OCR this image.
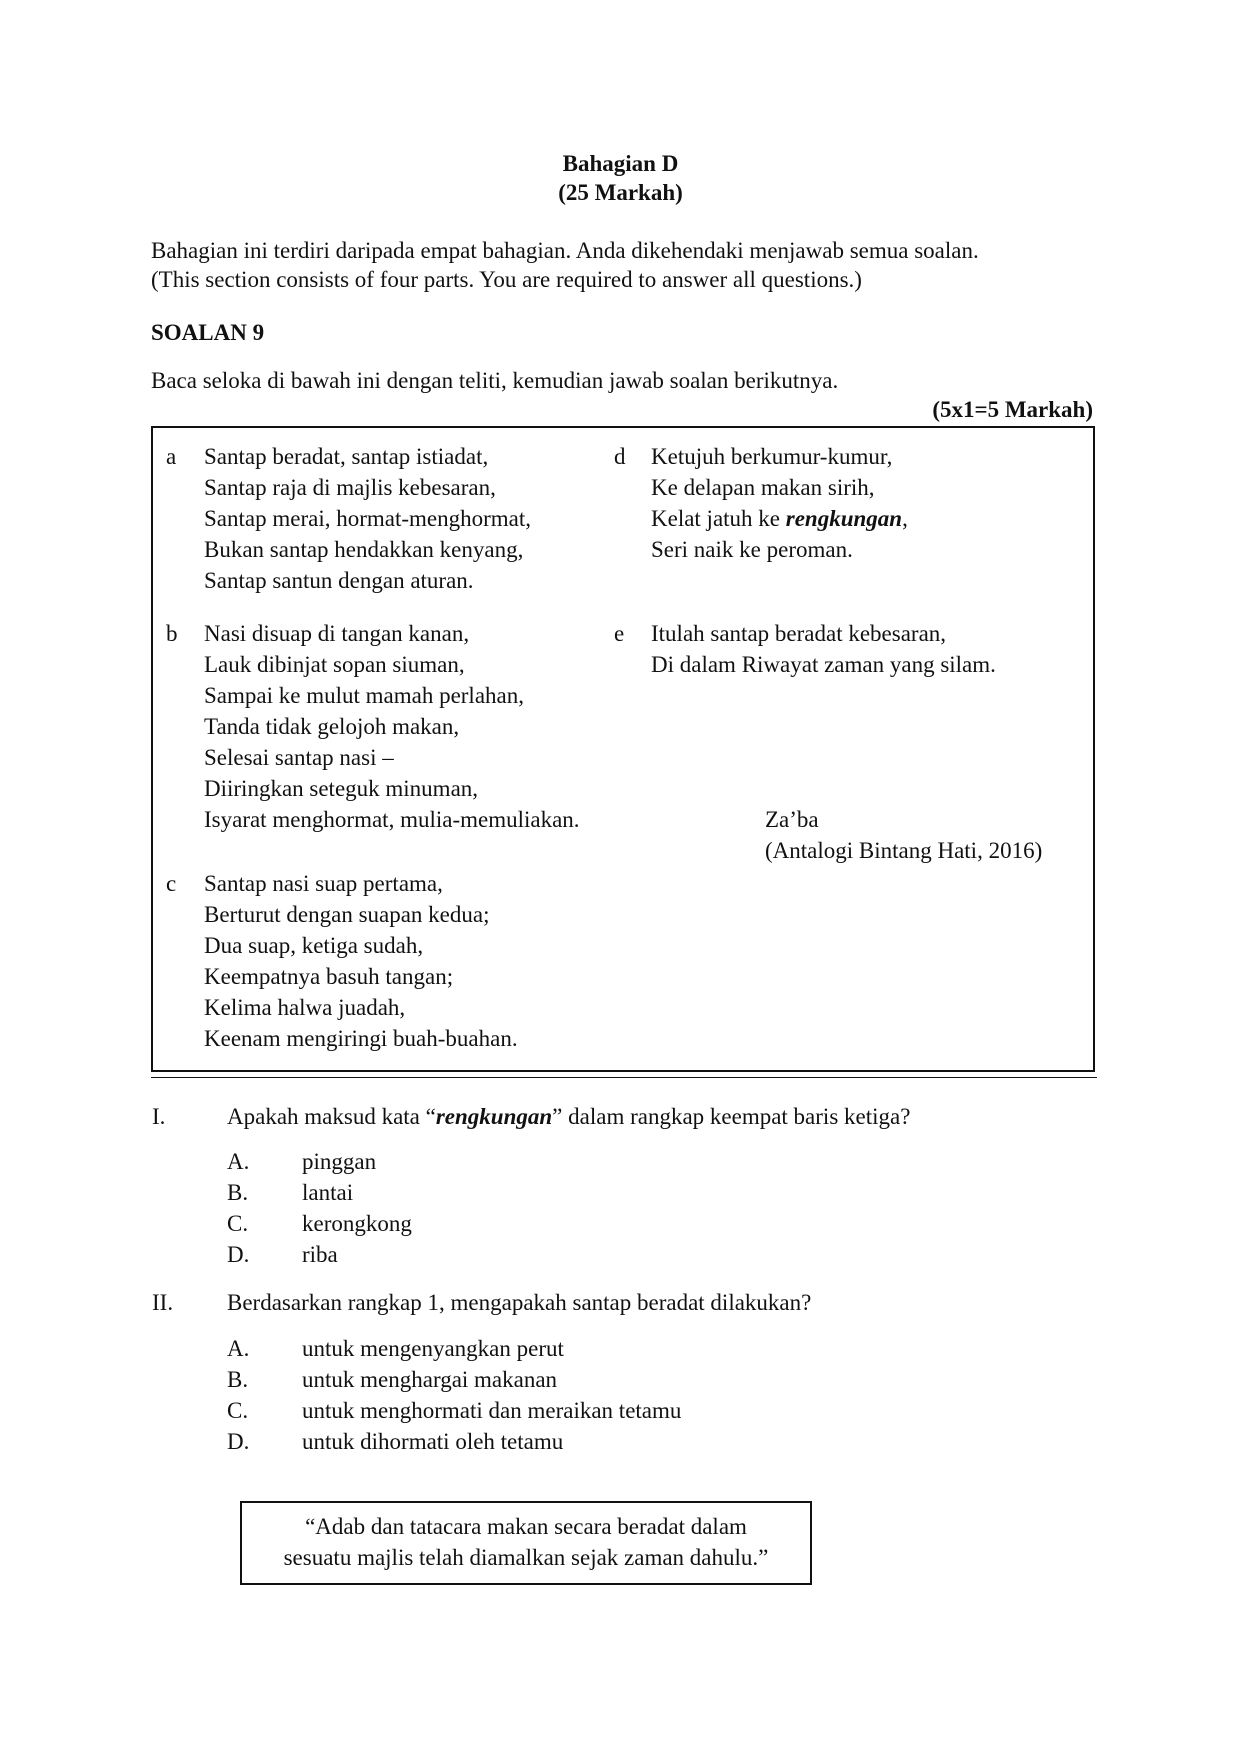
Bahagian D
(25 Markah)
Bahagian ini terdiri daripada empat bahagian. Anda dikehendaki menjawab semua soalan.
(This section consists of four parts. You are required to answer all questions.)
SOALAN 9
Baca seloka di bawah ini dengan teliti, kemudian jawab soalan berikutnya.
(5x1=5 Markah)
a Santap beradat, santap istiadat,
Santap raja di majlis kebesaran,
Santap merai, hormat-menghormat,
Bukan santap hendakkan kenyang,
Santap santun dengan aturan.
b Nasi disuap di tangan kanan,
Lauk dibinjat sopan siuman,
Sampai ke mulut mamah perlahan,
Tanda tidak gelojoh makan,
Selesai santap nasi –
Diiringkan seteguk minuman,
Isyarat menghormat, mulia-memuliakan.
c Santap nasi suap pertama,
Berturut dengan suapan kedua;
Dua suap, ketiga sudah,
Keempatnya basuh tangan;
Kelima halwa juadah,
Keenam mengiringi buah-buahan.
d Ketujuh berkumur-kumur,
Ke delapan makan sirih,
Kelat jatuh ke rengkungan,
Seri naik ke peroman.
e Itulah santap beradat kebesaran,
Di dalam Riwayat zaman yang silam.
Za’ba
(Antalogi Bintang Hati, 2016)
I.	Apakah maksud kata “rengkungan” dalam rangkap keempat baris ketiga?
A. pinggan
B. lantai
C. kerongkong
D. riba
II. Berdasarkan rangkap 1, mengapakah santap beradat dilakukan?
A. untuk mengenyangkan perut
B. untuk menghargai makanan
C. untuk menghormati dan meraikan tetamu
D. untuk dihormati oleh tetamu
“Adab dan tatacara makan secara beradat dalam
sesuatu majlis telah diamalkan sejak zaman dahulu.”
